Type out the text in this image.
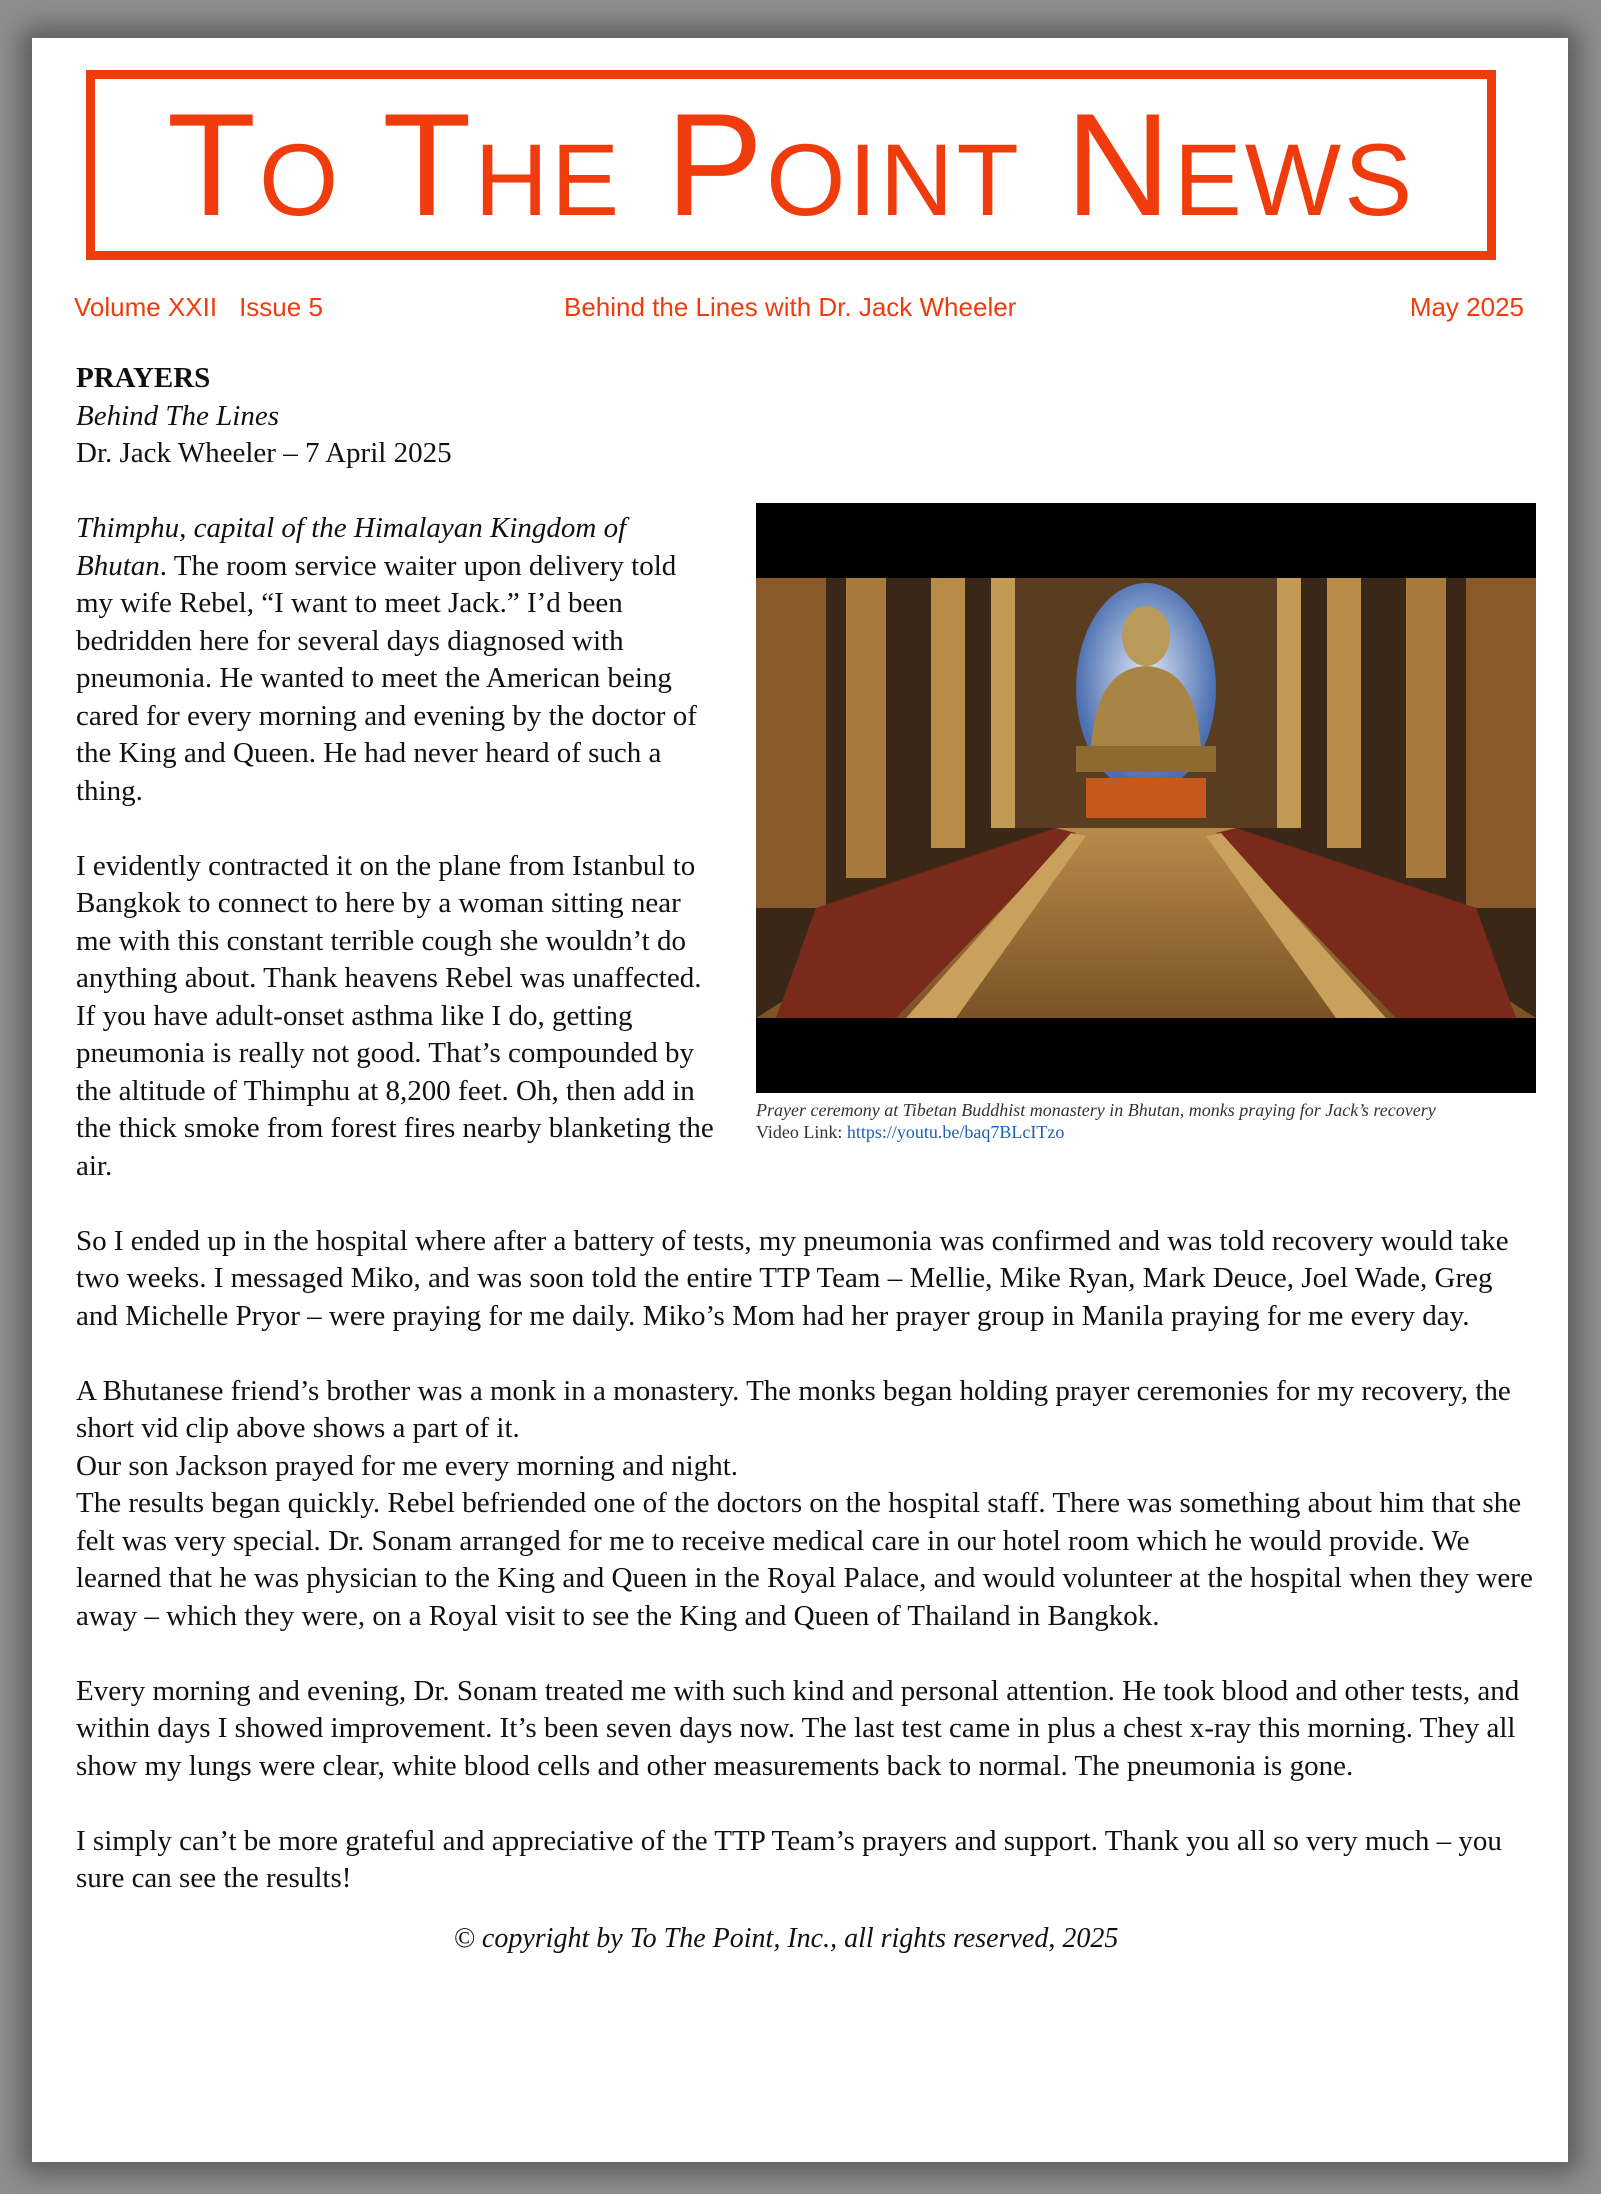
To The Point News
Volume XXII Issue 5	Behind the Lines with Dr. Jack Wheeler	May 2025
PRAYERS
Behind The Lines
Dr. Jack Wheeler – 7 April 2025
Prayer ceremony at Tibetan Buddhist monastery in Bhutan, monks praying for Jack’s recovery
Video Link: https://youtu.be/baq7BLcITzo

Thimphu, capital of the Himalayan Kingdom of Bhutan. The room service waiter upon delivery told my wife Rebel, “I want to meet Jack.” I’d been bedridden here for several days diagnosed with pneumonia. He wanted to meet the American being cared for every morning and evening by the doctor of the King and Queen. He had never heard of such a thing.

I evidently contracted it on the plane from Istanbul to Bangkok to connect to here by a woman sitting near me with this constant terrible cough she wouldn’t do anything about. Thank heavens Rebel was unaffected. If you have adult-onset asthma like I do, getting pneumonia is really not good. That’s compounded by the altitude of Thimphu at 8,200 feet. Oh, then add in the thick smoke from forest fires nearby blanketing the air.

So I ended up in the hospital where after a battery of tests, my pneumonia was confirmed and was told recovery would take two weeks. I messaged Miko, and was soon told the entire TTP Team – Mellie, Mike Ryan, Mark Deuce, Joel Wade, Greg and Michelle Pryor – were praying for me daily. Miko’s Mom had her prayer group in Manila praying for me every day.

A Bhutanese friend’s brother was a monk in a monastery. The monks began holding prayer ceremonies for my recovery, the short vid clip above shows a part of it.

Our son Jackson prayed for me every morning and night.

The results began quickly. Rebel befriended one of the doctors on the hospital staff. There was something about him that she felt was very special. Dr. Sonam arranged for me to receive medical care in our hotel room which he would provide. We learned that he was physician to the King and Queen in the Royal Palace, and would volunteer at the hospital when they were away – which they were, on a Royal visit to see the King and Queen of Thailand in Bangkok.

Every morning and evening, Dr. Sonam treated me with such kind and personal attention. He took blood and other tests, and within days I showed improvement. It’s been seven days now. The last test came in plus a chest x-ray this morning. They all show my lungs were clear, white blood cells and other measurements back to normal. The pneumonia is gone.

I simply can’t be more grateful and appreciative of the TTP Team’s prayers and support. Thank you all so very much – you sure can see the results!

© copyright by To The Point, Inc., all rights reserved, 2025
